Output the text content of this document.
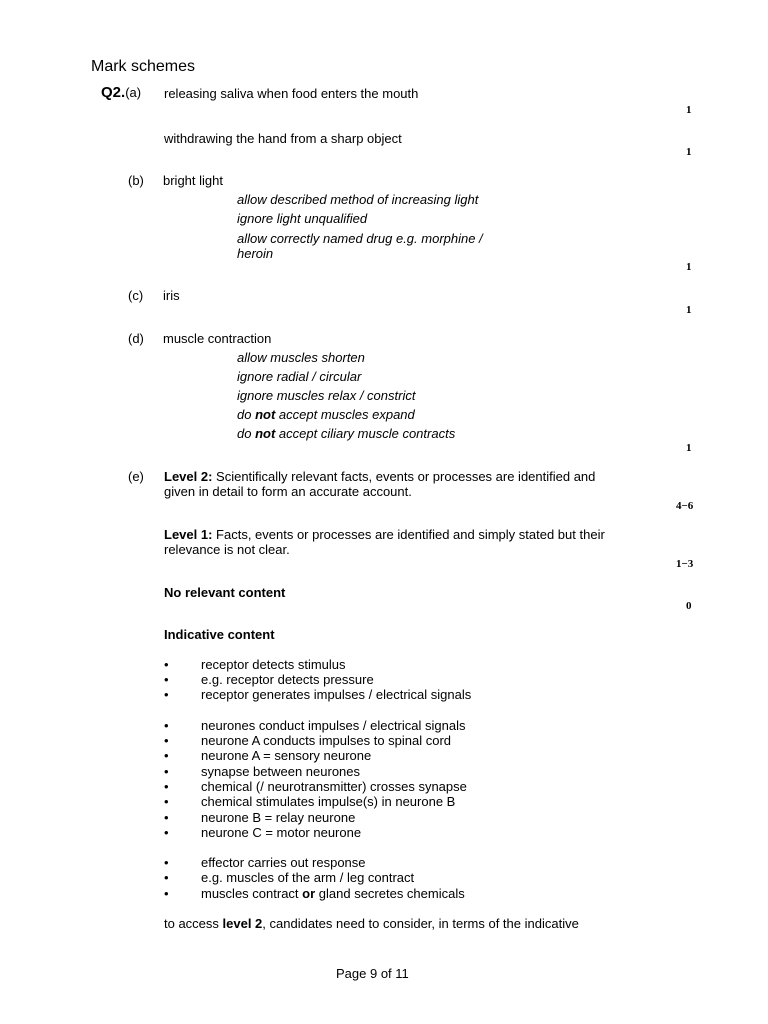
Mark schemes
Q2.(a) releasing saliva when food enters the mouth
1
withdrawing the hand from a sharp object
1
(b) bright light
allow described method of increasing light
ignore light unqualified
allow correctly named drug e.g. morphine /
heroin
1
(c) iris
1
(d) muscle contraction
allow muscles shorten
ignore radial / circular
ignore muscles relax / constrict
do not accept muscles expand
do not accept ciliary muscle contracts
1
(e) Level 2: Scientifically relevant facts, events or processes are identified and
given in detail to form an accurate account.
4−6
Level 1: Facts, events or processes are identified and simply stated but their
relevance is not clear.
1−3
No relevant content
0
Indicative content
• receptor detects stimulus
• e.g. receptor detects pressure
• receptor generates impulses / electrical signals
• neurones conduct impulses / electrical signals
• neurone A conducts impulses to spinal cord
• neurone A = sensory neurone
• synapse between neurones
• chemical (/ neurotransmitter) crosses synapse
• chemical stimulates impulse(s) in neurone B
• neurone B = relay neurone
• neurone C = motor neurone
• effector carries out response
• e.g. muscles of the arm / leg contract
• muscles contract or gland secretes chemicals
to access level 2, candidates need to consider, in terms of the indicative
Page 9 of 11
